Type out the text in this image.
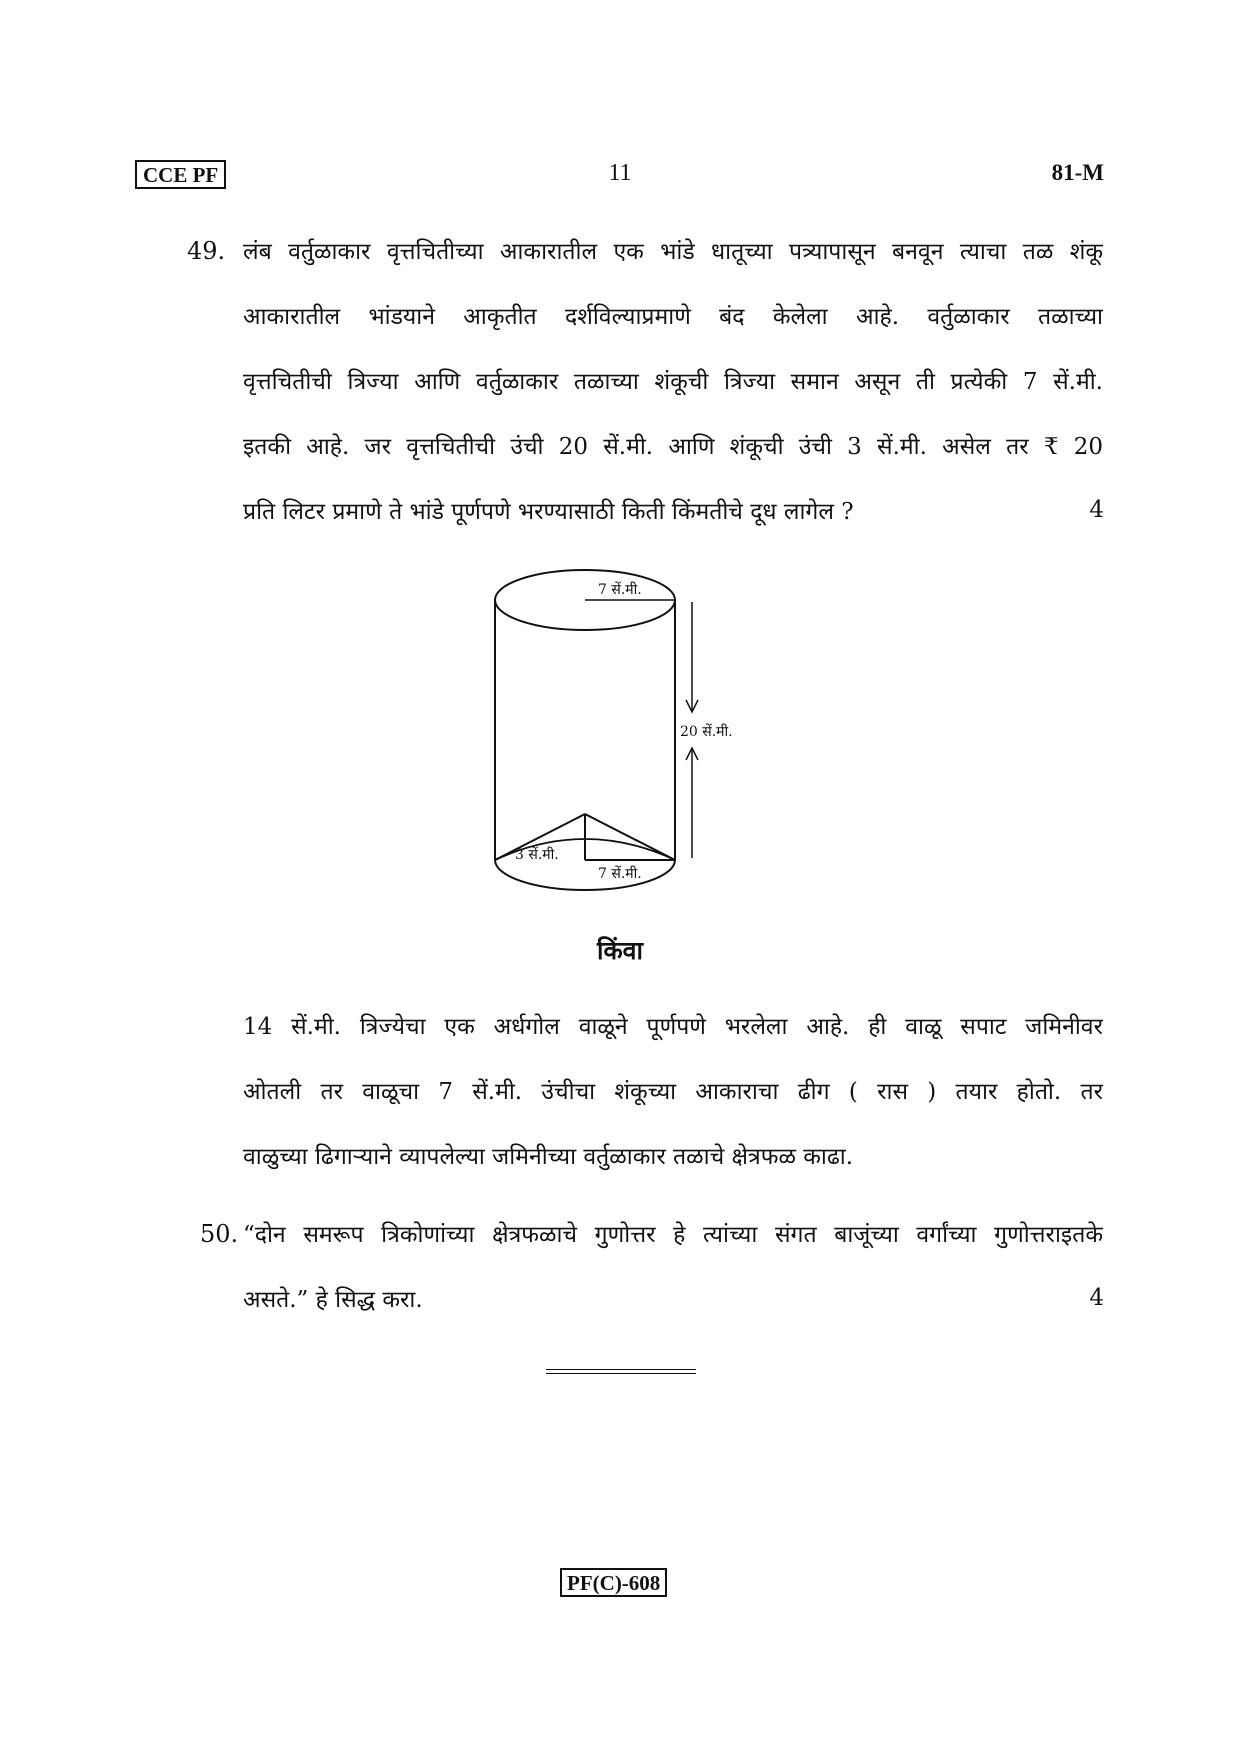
CCE PF	11	81-M
49. लंब वर्तुळाकार वृत्तचितीच्या आकारातील एक भांडे धातूच्या पत्र्यापासून बनवून त्याचा तळ शंकू
आकारातील भांडयाने आकृतीत दर्शविल्याप्रमाणे बंद केलेला आहे. वर्तुळाकार तळाच्या
वृत्तचितीची त्रिज्या आणि वर्तुळाकार तळाच्या शंकूची त्रिज्या समान असून ती प्रत्येकी 7 सें.मी.
इतकी आहे. जर वृत्तचितीची उंची 20 सें.मी. आणि शंकूची उंची 3 सें.मी. असेल तर ₹ 20
प्रति लिटर प्रमाणे ते भांडे पूर्णपणे भरण्यासाठी किती किंमतीचे दूध लागेल ?	4
7 सें.मी.
20 सें.मी.
3 सें.मी.
7 सें.मी.
किंवा
14 सें.मी. त्रिज्येचा एक अर्धगोल वाळूने पूर्णपणे भरलेला आहे. ही वाळू सपाट जमिनीवर
ओतली तर वाळूचा 7 सें.मी. उंचीचा शंकूच्या आकाराचा ढीग ( रास ) तयार होतो. तर
वाळुच्या ढिगाऱ्याने व्यापलेल्या जमिनीच्या वर्तुळाकार तळाचे क्षेत्रफळ काढा.
50. “दोन समरूप त्रिकोणांच्या क्षेत्रफळाचे गुणोत्तर हे त्यांच्या संगत बाजूंच्या वर्गांच्या गुणोत्तराइतके
असते.” हे सिद्ध करा.	4
PF(C)-608
